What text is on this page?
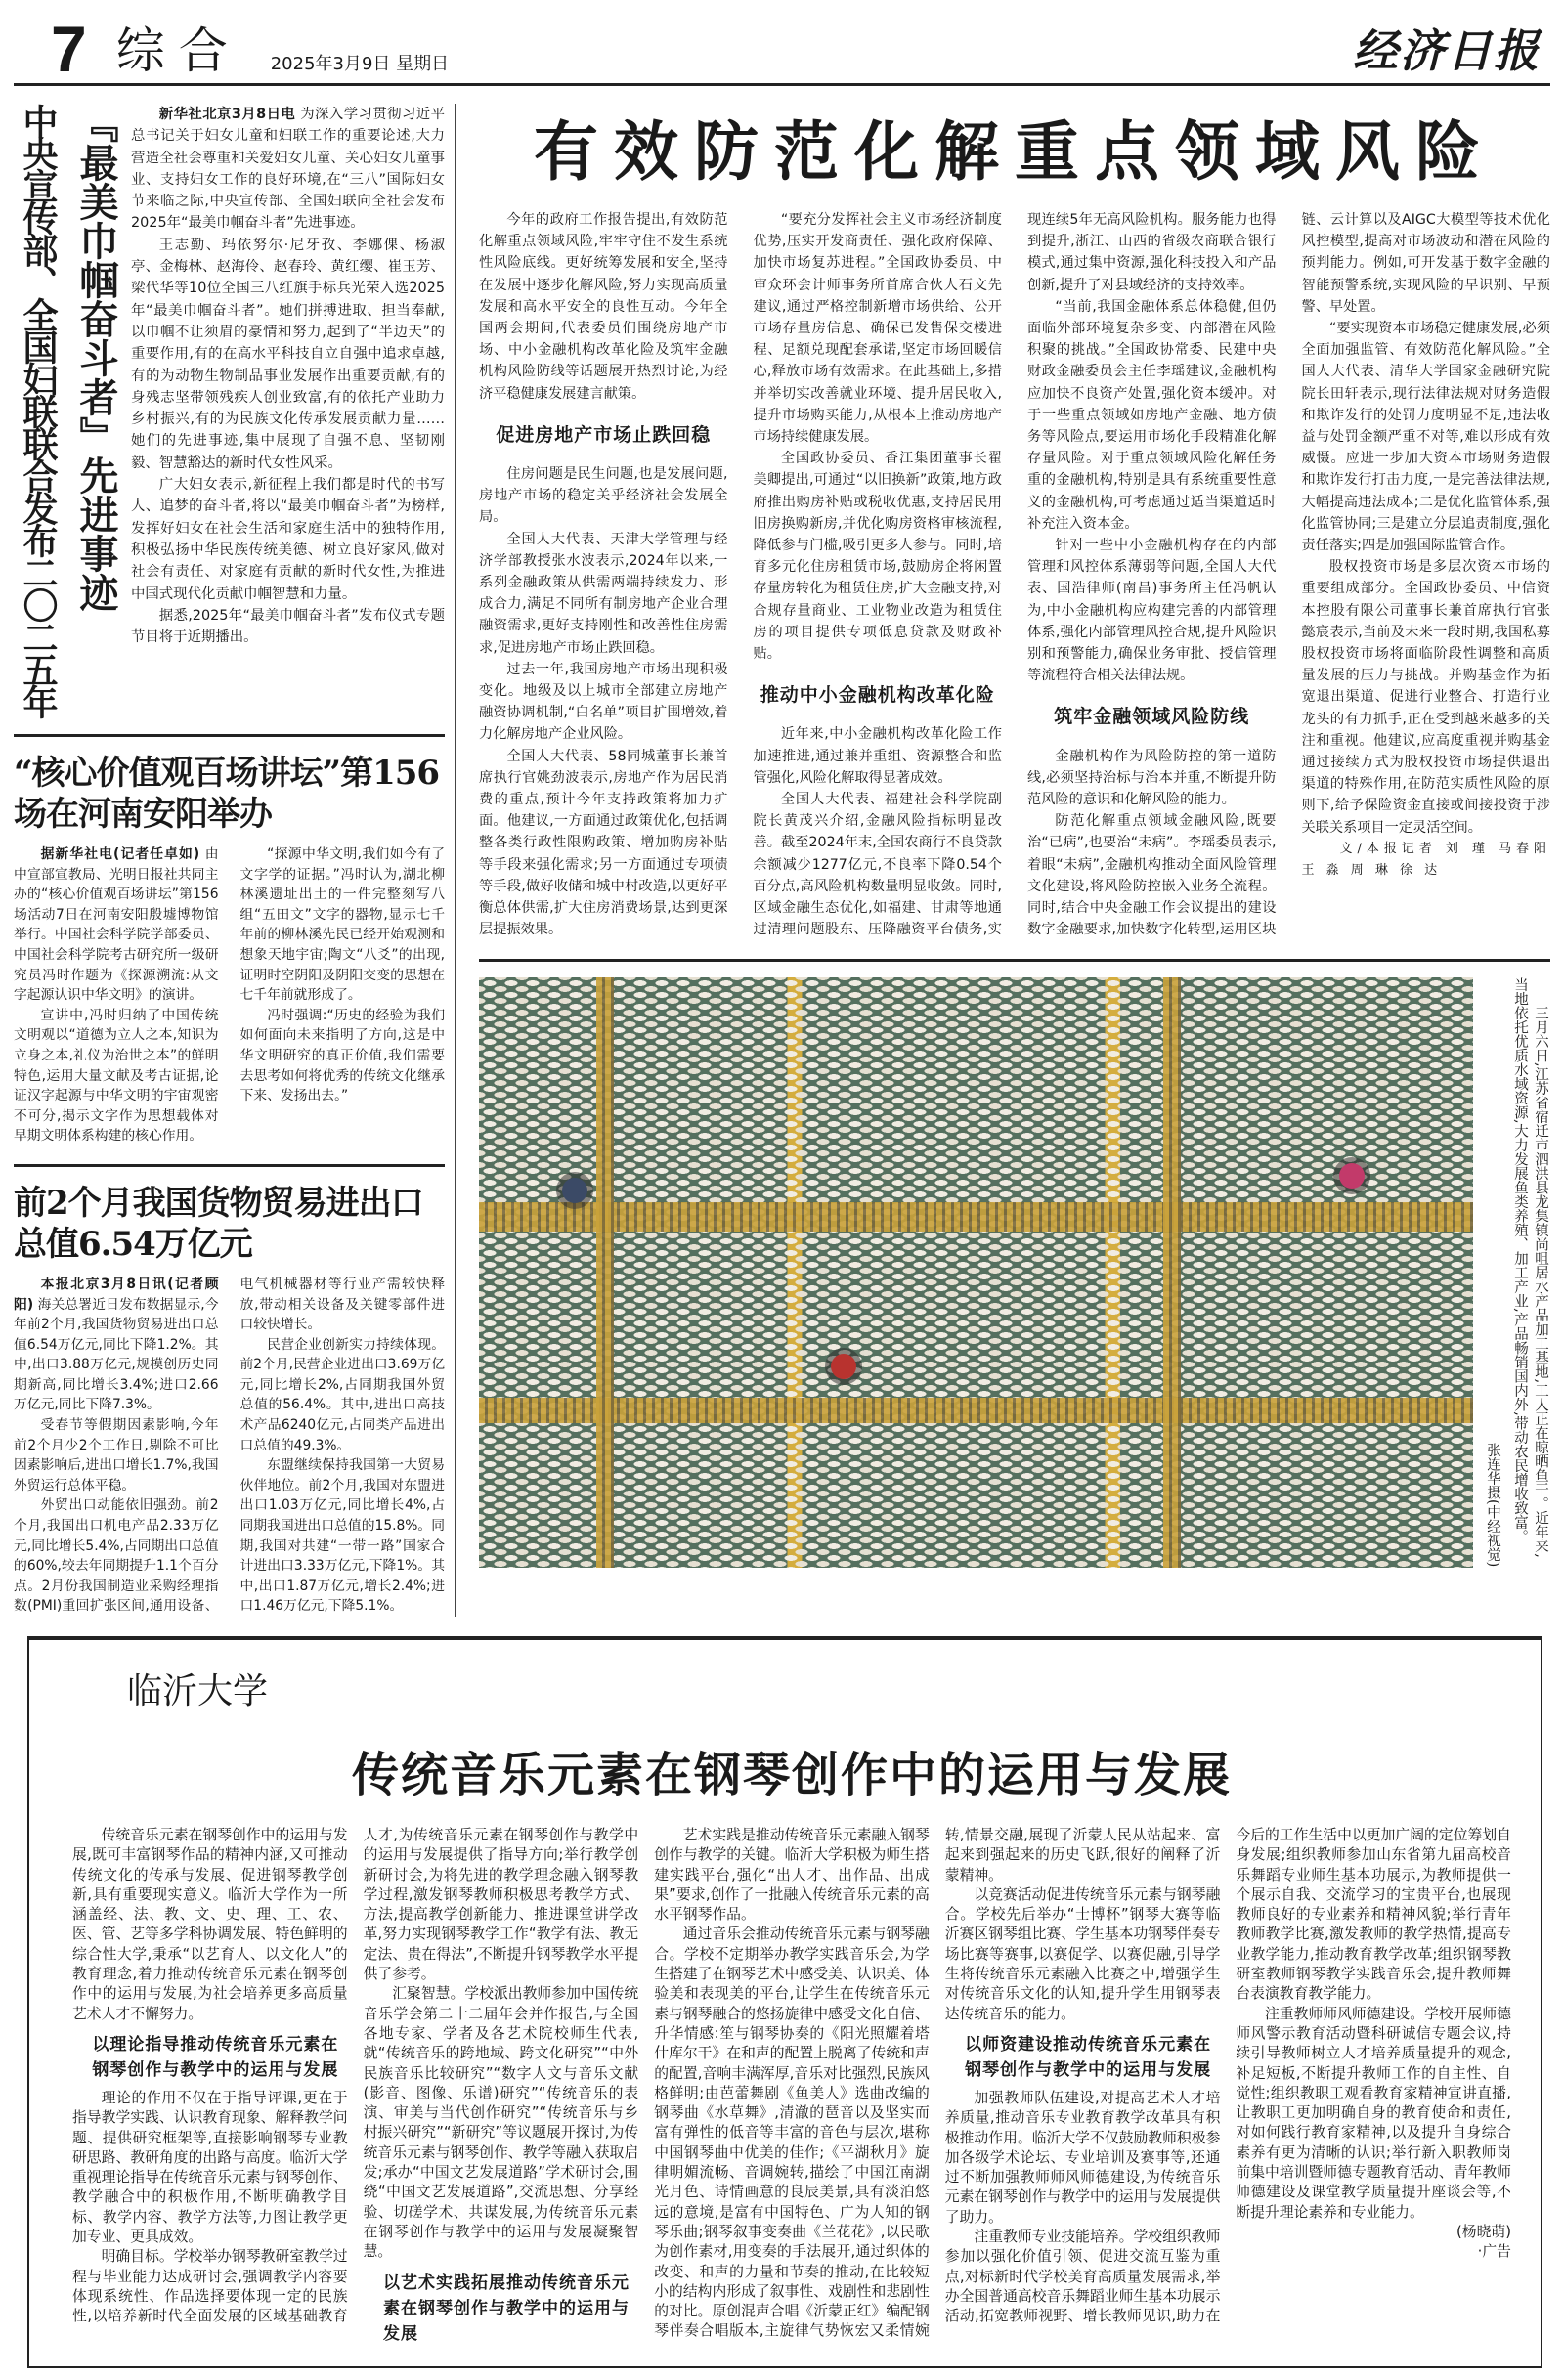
7 综合 2025年3月9日 星期日	经济日报
中央宣传部、全国妇联联合发布二〇二五年 『最美巾帼奋斗者』先进事迹	新华社北京3月8日电 为深入学习贯彻习近平总书记关于妇女儿童和妇联工作的重要论述,大力营造全社会尊重和关爱妇女儿童、关心妇女儿童事业、支持妇女工作的良好环境,在“三八”国际妇女节来临之际,中央宣传部、全国妇联向全社会发布2025年“最美巾帼奋斗者”先进事迹。

王志勤、玛依努尔·尼牙孜、李娜倮、杨淑亭、金梅林、赵海伶、赵春玲、黄红缨、崔玉芳、梁代华等10位全国三八红旗手标兵光荣入选2025年“最美巾帼奋斗者”。她们拼搏进取、担当奉献,以巾帼不让须眉的豪情和努力,起到了“半边天”的重要作用,有的在高水平科技自立自强中追求卓越,有的为动物生物制品事业发展作出重要贡献,有的身残志坚带领残疾人创业致富,有的依托产业助力乡村振兴,有的为民族文化传承发展贡献力量……她们的先进事迹,集中展现了自强不息、坚韧刚毅、智慧豁达的新时代女性风采。

广大妇女表示,新征程上我们都是时代的书写人、追梦的奋斗者,将以“最美巾帼奋斗者”为榜样,发挥好妇女在社会生活和家庭生活中的独特作用,积极弘扬中华民族传统美德、树立良好家风,做对社会有责任、对家庭有贡献的新时代女性,为推进中国式现代化贡献巾帼智慧和力量。

据悉,2025年“最美巾帼奋斗者”发布仪式专题节目将于近期播出。

“核心价值观百场讲坛”第156场在河南安阳举办

据新华社电(记者任卓如) 由中宣部宣教局、光明日报社共同主办的“核心价值观百场讲坛”第156场活动7日在河南安阳殷墟博物馆举行。中国社会科学院学部委员、中国社会科学院考古研究所一级研究员冯时作题为《探源溯流:从文字起源认识中华文明》的演讲。

宣讲中,冯时归纳了中国传统文明观以“道德为立人之本,知识为立身之本,礼仪为治世之本”的鲜明特色,运用大量文献及考古证据,论证汉字起源与中华文明的宇宙观密不可分,揭示文字作为思想载体对早期文明体系构建的核心作用。

“探源中华文明,我们如今有了文字学的证据。”冯时认为,湖北柳林溪遗址出土的一件完整刻写八组“五田文”文字的器物,显示七千年前的柳林溪先民已经开始观测和想象天地宇宙;陶文“八爻”的出现,证明时空阴阳及阴阳交变的思想在七千年前就形成了。

冯时强调:“历史的经验为我们如何面向未来指明了方向,这是中华文明研究的真正价值,我们需要去思考如何将优秀的传统文化继承下来、发扬出去。”

前2个月我国货物贸易进出口总值6.54万亿元

本报北京3月8日讯(记者顾阳) 海关总署近日发布数据显示,今年前2个月,我国货物贸易进出口总值6.54万亿元,同比下降1.2%。其中,出口3.88万亿元,规模创历史同期新高,同比增长3.4%;进口2.66万亿元,同比下降7.3%。

受春节等假期因素影响,今年前2个月少2个工作日,剔除不可比因素影响后,进出口增长1.7%,我国外贸运行总体平稳。

外贸出口动能依旧强劲。前2个月,我国出口机电产品2.33万亿元,同比增长5.4%,占同期出口总值的60%,较去年同期提升1.1个百分点。2月份我国制造业采购经理指数(PMI)重回扩张区间,通用设备、电气机械器材等行业产需较快释放,带动相关设备及关键零部件进口较快增长。

民营企业创新实力持续体现。前2个月,民营企业进出口3.69万亿元,同比增长2%,占同期我国外贸总值的56.4%。其中,进出口高技术产品6240亿元,占同类产品进出口总值的49.3%。

东盟继续保持我国第一大贸易伙伴地位。前2个月,我国对东盟进出口1.03万亿元,同比增长4%,占同期我国进出口总值的15.8%。同期,我国对共建“一带一路”国家合计进出口3.33万亿元,下降1%。其中,出口1.87万亿元,增长2.4%;进口1.46万亿元,下降5.1%。

有效防范化解重点领域风险

今年的政府工作报告提出,有效防范化解重点领域风险,牢牢守住不发生系统性风险底线。更好统筹发展和安全,坚持在发展中逐步化解风险,努力实现高质量发展和高水平安全的良性互动。今年全国两会期间,代表委员们围绕房地产市场、中小金融机构改革化险及筑牢金融机构风险防线等话题展开热烈讨论,为经济平稳健康发展建言献策。

促进房地产市场止跌回稳

住房问题是民生问题,也是发展问题,房地产市场的稳定关乎经济社会发展全局。

全国人大代表、天津大学管理与经济学部教授张水波表示,2024年以来,一系列金融政策从供需两端持续发力、形成合力,满足不同所有制房地产企业合理融资需求,更好支持刚性和改善性住房需求,促进房地产市场止跌回稳。

过去一年,我国房地产市场出现积极变化。地级及以上城市全部建立房地产融资协调机制,“白名单”项目扩围增效,着力化解房地产企业风险。

全国人大代表、58同城董事长兼首席执行官姚劲波表示,房地产作为居民消费的重点,预计今年支持政策将加力扩面。他建议,一方面通过政策优化,包括调整各类行政性限购政策、增加购房补贴等手段来强化需求;另一方面通过专项债等手段,做好收储和城中村改造,以更好平衡总体供需,扩大住房消费场景,达到更深层提振效果。

“要充分发挥社会主义市场经济制度优势,压实开发商责任、强化政府保障、加快市场复苏进程。”全国政协委员、中审众环会计师事务所首席合伙人石文先建议,通过严格控制新增市场供给、公开市场存量房信息、确保已发售保交楼进程、足额兑现配套承诺,坚定市场回暖信心,释放市场有效需求。在此基础上,多措并举切实改善就业环境、提升居民收入,提升市场购买能力,从根本上推动房地产市场持续健康发展。

全国政协委员、香江集团董事长翟美卿提出,可通过“以旧换新”政策,地方政府推出购房补贴或税收优惠,支持居民用旧房换购新房,并优化购房资格审核流程,降低参与门槛,吸引更多人参与。同时,培育多元化住房租赁市场,鼓励房企将闲置存量房转化为租赁住房,扩大金融支持,对合规存量商业、工业物业改造为租赁住房的项目提供专项低息贷款及财政补贴。

推动中小金融机构改革化险

近年来,中小金融机构改革化险工作加速推进,通过兼并重组、资源整合和监管强化,风险化解取得显著成效。

全国人大代表、福建社会科学院副院长黄茂兴介绍,金融风险指标明显改善。截至2024年末,全国农商行不良贷款余额减少1277亿元,不良率下降0.54个百分点,高风险机构数量明显收敛。同时,区域金融生态优化,如福建、甘肃等地通过清理问题股东、压降融资平台债务,实现连续5年无高风险机构。服务能力也得到提升,浙江、山西的省级农商联合银行模式,通过集中资源,强化科技投入和产品创新,提升了对县域经济的支持效率。

“当前,我国金融体系总体稳健,但仍面临外部环境复杂多变、内部潜在风险积聚的挑战。”全国政协常委、民建中央财政金融委员会主任李瑶建议,金融机构应加快不良资产处置,强化资本缓冲。对于一些重点领域如房地产金融、地方债务等风险点,要运用市场化手段精准化解存量风险。对于重点领域风险化解任务重的金融机构,特别是具有系统重要性意义的金融机构,可考虑通过适当渠道适时补充注入资本金。

针对一些中小金融机构存在的内部管理和风控体系薄弱等问题,全国人大代表、国浩律师(南昌)事务所主任冯帆认为,中小金融机构应构建完善的内部管理体系,强化内部管理风控合规,提升风险识别和预警能力,确保业务审批、授信管理等流程符合相关法律法规。

筑牢金融领域风险防线

金融机构作为风险防控的第一道防线,必须坚持治标与治本并重,不断提升防范风险的意识和化解风险的能力。

防范化解重点领域金融风险,既要治“已病”,也要治“未病”。李瑶委员表示,着眼“未病”,金融机构推动全面风险管理文化建设,将风险防控嵌入业务全流程。同时,结合中央金融工作会议提出的建设数字金融要求,加快数字化转型,运用区块链、云计算以及AIGC大模型等技术优化风控模型,提高对市场波动和潜在风险的预判能力。例如,可开发基于数字金融的智能预警系统,实现风险的早识别、早预警、早处置。

“要实现资本市场稳定健康发展,必须全面加强监管、有效防范化解风险。”全国人大代表、清华大学国家金融研究院院长田轩表示,现行法律法规对财务造假和欺诈发行的处罚力度明显不足,违法收益与处罚金额严重不对等,难以形成有效威慑。应进一步加大资本市场财务造假和欺诈发行打击力度,一是完善法律法规,大幅提高违法成本;二是优化监管体系,强化监管协同;三是建立分层追责制度,强化责任落实;四是加强国际监管合作。

股权投资市场是多层次资本市场的重要组成部分。全国政协委员、中信资本控股有限公司董事长兼首席执行官张懿宸表示,当前及未来一段时期,我国私募股权投资市场将面临阶段性调整和高质量发展的压力与挑战。并购基金作为拓宽退出渠道、促进行业整合、打造行业龙头的有力抓手,正在受到越来越多的关注和重视。他建议,应高度重视并购基金通过接续方式为股权投资市场提供退出渠道的特殊作用,在防范实质性风险的原则下,给予保险资金直接或间接投资于涉关联关系项目一定灵活空间。

文/本报记者 刘 瑾 马春阳 王 淼 周 琳 徐 达

三月六日,江苏省宿迁市泗洪县龙集镇尚咀居水产品加工基地,工人正在晾晒鱼干。近年来,当地依托优质水域资源,大力发展鱼类养殖、加工产业,产品畅销国内外,带动农民增收致富。
张连华摄(中经视觉)
临沂大学
传统音乐元素在钢琴创作中的运用与发展

传统音乐元素在钢琴创作中的运用与发展,既可丰富钢琴作品的精神内涵,又可推动传统文化的传承与发展、促进钢琴教学创新,具有重要现实意义。临沂大学作为一所涵盖经、法、教、文、史、理、工、农、医、管、艺等多学科协调发展、特色鲜明的综合性大学,秉承“以艺育人、以文化人”的教育理念,着力推动传统音乐元素在钢琴创作中的运用与发展,为社会培养更多高质量艺术人才不懈努力。

以理论指导推动传统音乐元素在钢琴创作与教学中的运用与发展

理论的作用不仅在于指导评课,更在于指导教学实践、认识教育现象、解释教学问题、提供研究框架等,直接影响钢琴专业教研思路、教研角度的出路与高度。临沂大学重视理论指导在传统音乐元素与钢琴创作、教学融合中的积极作用,不断明确教学目标、教学内容、教学方法等,力图让教学更加专业、更具成效。

明确目标。学校举办钢琴教研室教学过程与毕业能力达成研讨会,强调教学内容要体现系统性、作品选择要体现一定的民族性,以培养新时代全面发展的区域基础教育人才,为传统音乐元素在钢琴创作与教学中的运用与发展提供了指导方向;举行教学创新研讨会,为将先进的教学理念融入钢琴教学过程,激发钢琴教师积极思考教学方式、方法,提高教学创新能力、推进课堂讲学改革,努力实现钢琴教学工作“教学有法、教无定法、贵在得法”,不断提升钢琴教学水平提供了参考。

汇聚智慧。学校派出教师参加中国传统音乐学会第二十二届年会并作报告,与全国各地专家、学者及各艺术院校师生代表,就“传统音乐的跨地域、跨文化研究”“中外民族音乐比较研究”“数字人文与音乐文献(影音、图像、乐谱)研究”“传统音乐的表演、审美与当代创作研究”“传统音乐与乡村振兴研究”“新研究”等议题展开探讨,为传统音乐元素与钢琴创作、教学等融入获取启发;承办“中国文艺发展道路”学术研讨会,围绕“中国文艺发展道路”,交流思想、分享经验、切磋学术、共谋发展,为传统音乐元素在钢琴创作与教学中的运用与发展凝聚智慧。

以艺术实践拓展推动传统音乐元素在钢琴创作与教学中的运用与发展

艺术实践是推动传统音乐元素融入钢琴创作与教学的关键。临沂大学积极为师生搭建实践平台,强化“出人才、出作品、出成果”要求,创作了一批融入传统音乐元素的高水平钢琴作品。

通过音乐会推动传统音乐元素与钢琴融合。学校不定期举办教学实践音乐会,为学生搭建了在钢琴艺术中感受美、认识美、体验美和表现美的平台,让学生在传统音乐元素与钢琴融合的悠扬旋律中感受文化自信、升华情感:笙与钢琴协奏的《阳光照耀着塔什库尔干》在和声的配置上脱离了传统和声的配置,音响丰满浑厚,音乐对比强烈,民族风格鲜明;由芭蕾舞剧《鱼美人》选曲改编的钢琴曲《水草舞》,清澈的琶音以及坚实而富有弹性的低音等丰富的音色与层次,堪称中国钢琴曲中优美的佳作;《平湖秋月》旋律明媚流畅、音调婉转,描绘了中国江南湖光月色、诗情画意的良辰美景,具有淡泊悠远的意境,是富有中国特色、广为人知的钢琴乐曲;钢琴叙事变奏曲《兰花花》,以民歌为创作素材,用变奏的手法展开,通过织体的改变、和声的力量和节奏的推动,在比较短小的结构内形成了叙事性、戏剧性和悲剧性的对比。原创混声合唱《沂蒙正红》编配钢琴伴奏合唱版本,主旋律气势恢宏又柔情婉转,情景交融,展现了沂蒙人民从站起来、富起来到强起来的历史飞跃,很好的阐释了沂蒙精神。

以竞赛活动促进传统音乐元素与钢琴融合。学校先后举办“士博杯”钢琴大赛等临沂赛区钢琴组比赛、学生基本功钢琴伴奏专场比赛等赛事,以赛促学、以赛促融,引导学生将传统音乐元素融入比赛之中,增强学生对传统音乐文化的认知,提升学生用钢琴表达传统音乐的能力。

以师资建设推动传统音乐元素在钢琴创作与教学中的运用与发展

加强教师队伍建设,对提高艺术人才培养质量,推动音乐专业教育教学改革具有积极推动作用。临沂大学不仅鼓励教师积极参加各级学术论坛、专业培训及赛事等,还通过不断加强教师师风师德建设,为传统音乐元素在钢琴创作与教学中的运用与发展提供了助力。

注重教师专业技能培养。学校组织教师参加以强化价值引领、促进交流互鉴为重点,对标新时代学校美育高质量发展需求,举办全国普通高校音乐舞蹈业师生基本功展示活动,拓宽教师视野、增长教师见识,助力在今后的工作生活中以更加广阔的定位筹划自身发展;组织教师参加山东省第九届高校音乐舞蹈专业师生基本功展示,为教师提供一个展示自我、交流学习的宝贵平台,也展现教师良好的专业素养和精神风貌;举行青年教师教学比赛,激发教师的教学热情,提高专业教学能力,推动教育教学改革;组织钢琴教研室教师钢琴教学实践音乐会,提升教师舞台表演教育教学能力。

注重教师师风师德建设。学校开展师德师风警示教育活动暨科研诚信专题会议,持续引导教师树立人才培养质量提升的观念,补足短板,不断提升教师工作的自主性、自觉性;组织教职工观看教育家精神宣讲直播,让教职工更加明确自身的教育使命和责任,对如何践行教育家精神,以及提升自身综合素养有更为清晰的认识;举行新入职教师岗前集中培训暨师德专题教育活动、青年教师师德建设及课堂教学质量提升座谈会等,不断提升理论素养和专业能力。

(杨晓萌)

·广告
